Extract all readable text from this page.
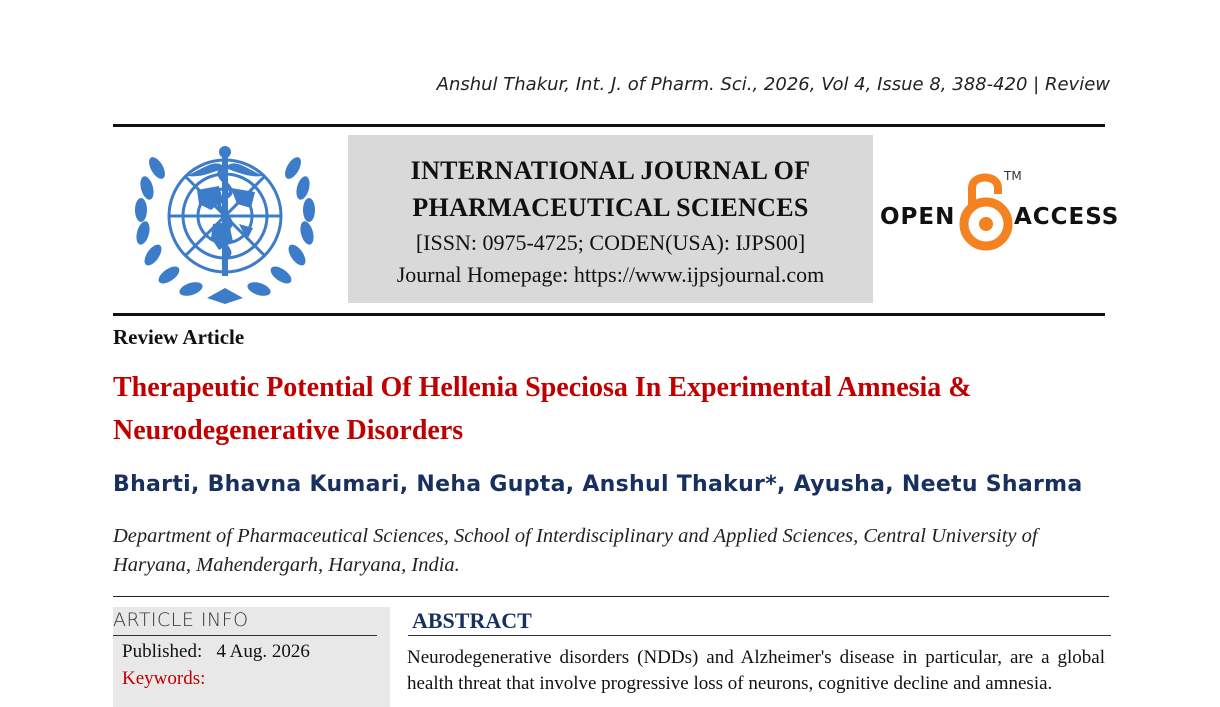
Anshul Thakur, Int. J. of Pharm. Sci., 2026, Vol 4, Issue 8, 388-420 | Review
INTERNATIONAL JOURNAL OF
PHARMACEUTICAL SCIENCES
[ISSN: 0975-4725; CODEN(USA): IJPS00]
Journal Homepage: https://www.ijpsjournal.com
OPEN
TM
ACCESS
Review Article
Therapeutic Potential Of Hellenia Speciosa In Experimental Amnesia & Neurodegenerative Disorders
Bharti, Bhavna Kumari, Neha Gupta, Anshul Thakur*, Ayusha, Neetu Sharma
Department of Pharmaceutical Sciences, School of Interdisciplinary and Applied Sciences, Central University of Haryana, Mahendergarh, Haryana, India.
ARTICLE INFO
Published: 4 Aug. 2026
Keywords:
ABSTRACT
Neurodegenerative disorders (NDDs) and Alzheimer's disease in particular, are a global health threat that involve progressive loss of neurons, cognitive decline and amnesia.
